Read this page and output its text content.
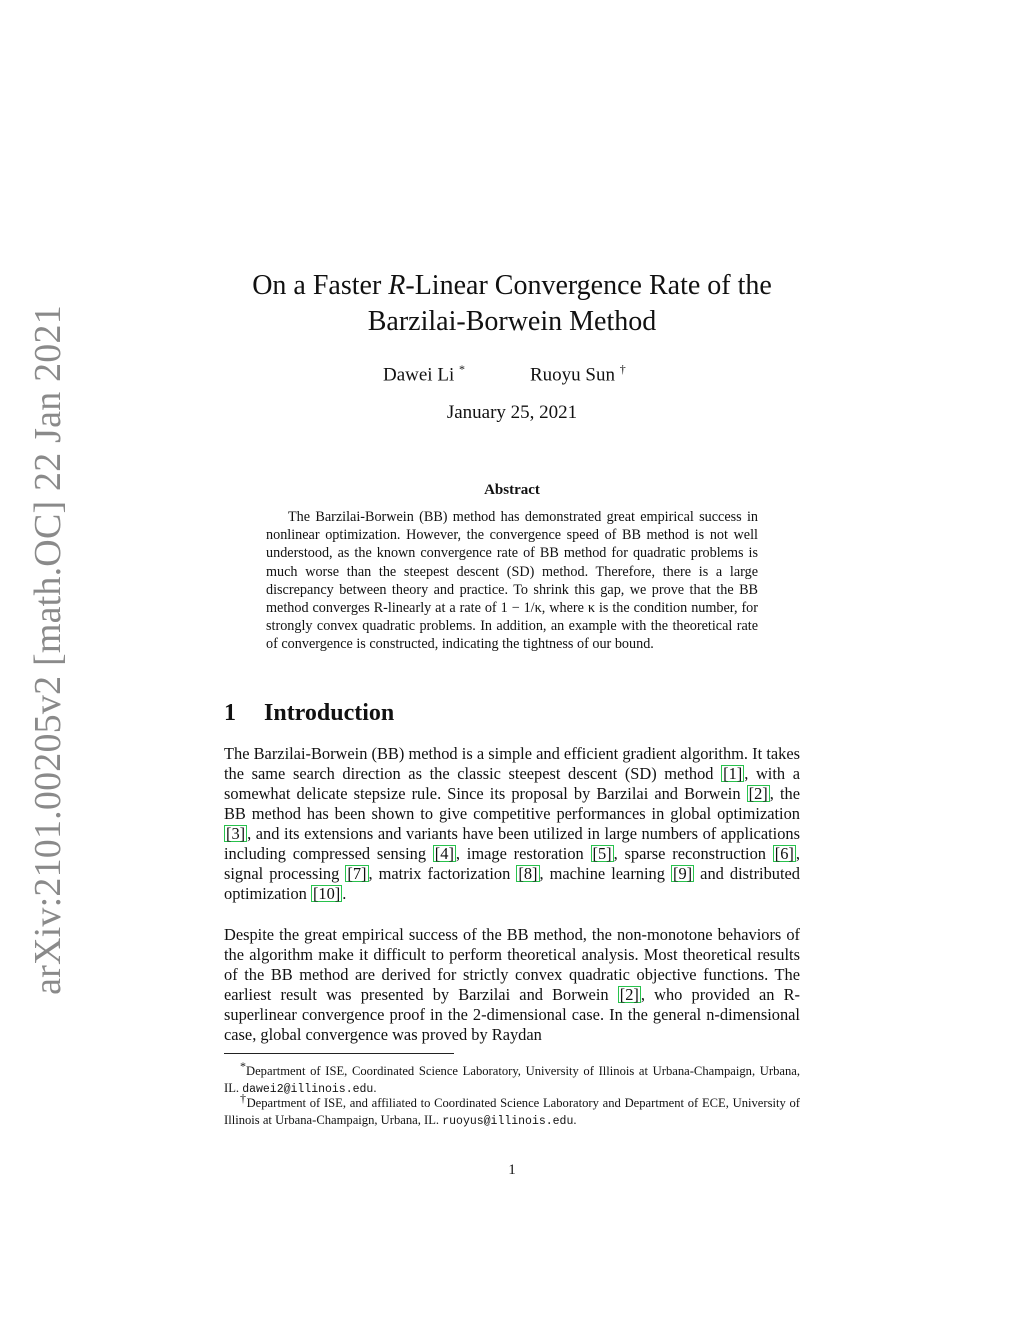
arXiv:2101.00205v2 [math.OC] 22 Jan 2021
On a Faster R-Linear Convergence Rate of the
Barzilai-Borwein Method
Dawei Li *	Ruoyu Sun †
January 25, 2021
Abstract

The Barzilai-Borwein (BB) method has demonstrated great empirical success in nonlinear optimization. However, the convergence speed of BB method is not well understood, as the known convergence rate of BB method for quadratic problems is much worse than the steepest descent (SD) method. Therefore, there is a large discrepancy between theory and practice. To shrink this gap, we prove that the BB method converges R-linearly at a rate of 1 − 1/κ, where κ is the condition number, for strongly convex quadratic problems. In addition, an example with the theoretical rate of convergence is constructed, indicating the tightness of our bound.

1 Introduction

The Barzilai-Borwein (BB) method is a simple and efficient gradient algorithm. It takes the same search direction as the classic steepest descent (SD) method [1] , with a somewhat delicate stepsize rule. Since its proposal by Barzilai and Borwein [2] , the BB method has been shown to give competitive performances in global optimization [3] , and its extensions and variants have been utilized in large numbers of applications including compressed sensing [4] , image restoration [5] , sparse reconstruction [6] , signal processing [7] , matrix factorization [8] , machine learning [9] and distributed optimization [10] .

Despite the great empirical success of the BB method, the non-monotone behaviors of the algorithm make it difficult to perform theoretical analysis. Most theoretical results of the BB method are derived for strictly convex quadratic objective functions. The earliest result was presented by Barzilai and Borwein [2] , who provided an R-superlinear convergence proof in the 2-dimensional case. In the general n-dimensional case, global convergence was proved by Raydan

*Department of ISE, Coordinated Science Laboratory, University of Illinois at Urbana-Champaign, Urbana, IL. dawei2@illinois.edu.

†Department of ISE, and affiliated to Coordinated Science Laboratory and Department of ECE, University of Illinois at Urbana-Champaign, Urbana, IL. ruoyus@illinois.edu.

1
